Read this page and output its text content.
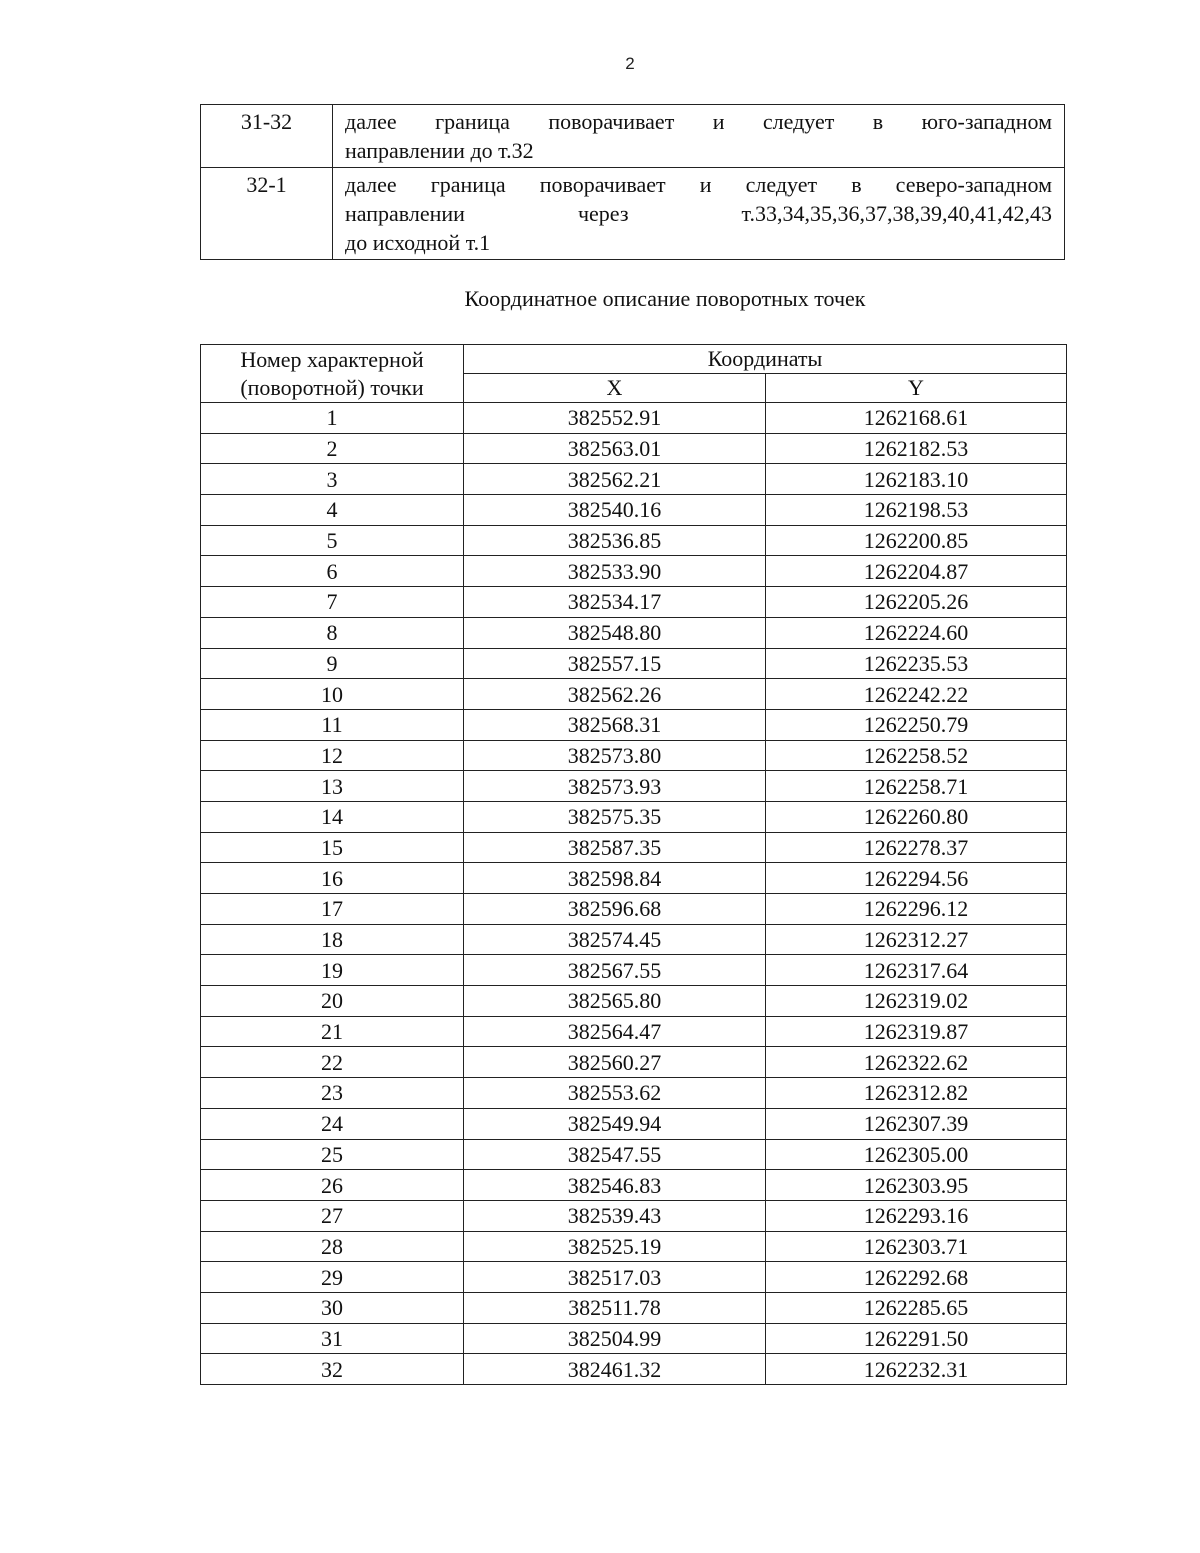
2
31-32	далее граница поворачивает и следует в юго-западном
направлении до т.32

32-1	далее граница поворачивает и следует в северо-западном
направлении через т.33,34,35,36,37,38,39,40,41,42,43
до исходной т.1
Координатное описание поворотных точек
Номер характерной
(поворотной) точки	Координаты	
	X	Y
1	382552.91	1262168.61
2	382563.01	1262182.53
3	382562.21	1262183.10
4	382540.16	1262198.53
5	382536.85	1262200.85
6	382533.90	1262204.87
7	382534.17	1262205.26
8	382548.80	1262224.60
9	382557.15	1262235.53
10	382562.26	1262242.22
11	382568.31	1262250.79
12	382573.80	1262258.52
13	382573.93	1262258.71
14	382575.35	1262260.80
15	382587.35	1262278.37
16	382598.84	1262294.56
17	382596.68	1262296.12
18	382574.45	1262312.27
19	382567.55	1262317.64
20	382565.80	1262319.02
21	382564.47	1262319.87
22	382560.27	1262322.62
23	382553.62	1262312.82
24	382549.94	1262307.39
25	382547.55	1262305.00
26	382546.83	1262303.95
27	382539.43	1262293.16
28	382525.19	1262303.71
29	382517.03	1262292.68
30	382511.78	1262285.65
31	382504.99	1262291.50
32	382461.32	1262232.31
